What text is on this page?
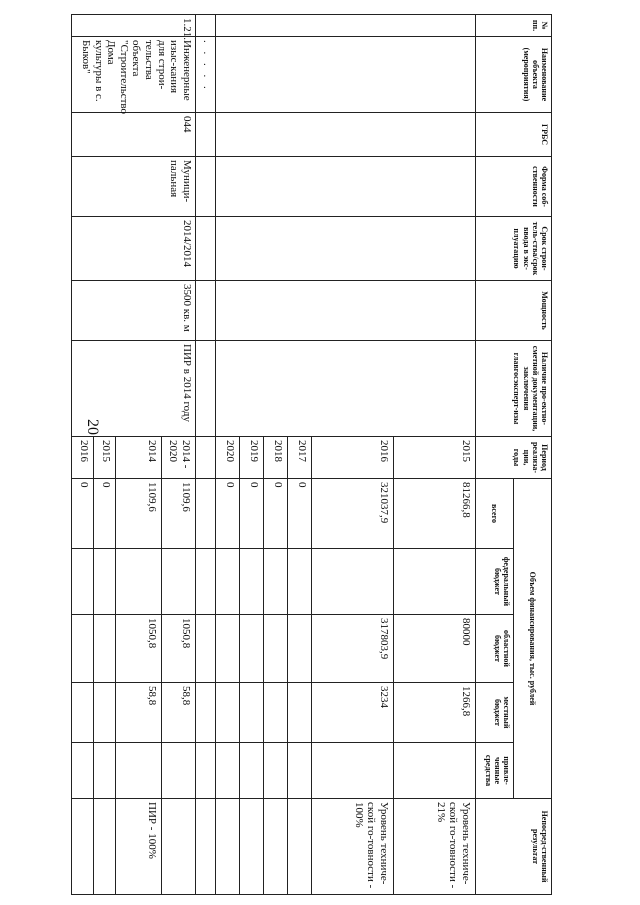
20
№ пп.	Наименование объекта (мероприятия)	ГРБС	Форма соб-ственности	Срок строи-тель-ства/срок ввода в экс-плуатацию	Мощность	Наличие про-ектно-сметной документации, заключения главгосэксперт-изы	Период реализа-ции, годы	Объем финансирования, тыс. рублей					Непосред-ственный результат
								всего	федеральный бюджет	областной бюджет	местный бюджет	привле-ченные средства	
							2015	81266,8		80000	1266,8		Уровень техниче-ской го-товности - 21%
							2016	321037,9		317803,9	3234		Уровень техниче-ской го-товности - 100%
							2017	0					
							2018	0					
							2019	0					
							2020	0					
	. . . . .												
1.21.	Инженерные изыс-кания для строи-тельства объекта "Строительство Дома культуры в с. Быков"	044	Муници-пальная	2014/2014	3500 кв. м	ПИР в 2014 году	2014 - 2020	1109,6		1050,8	58,8		
							2014	1109,6		1050,8	58,8		ПИР - 100%
							2015	0					
							2016	0					
